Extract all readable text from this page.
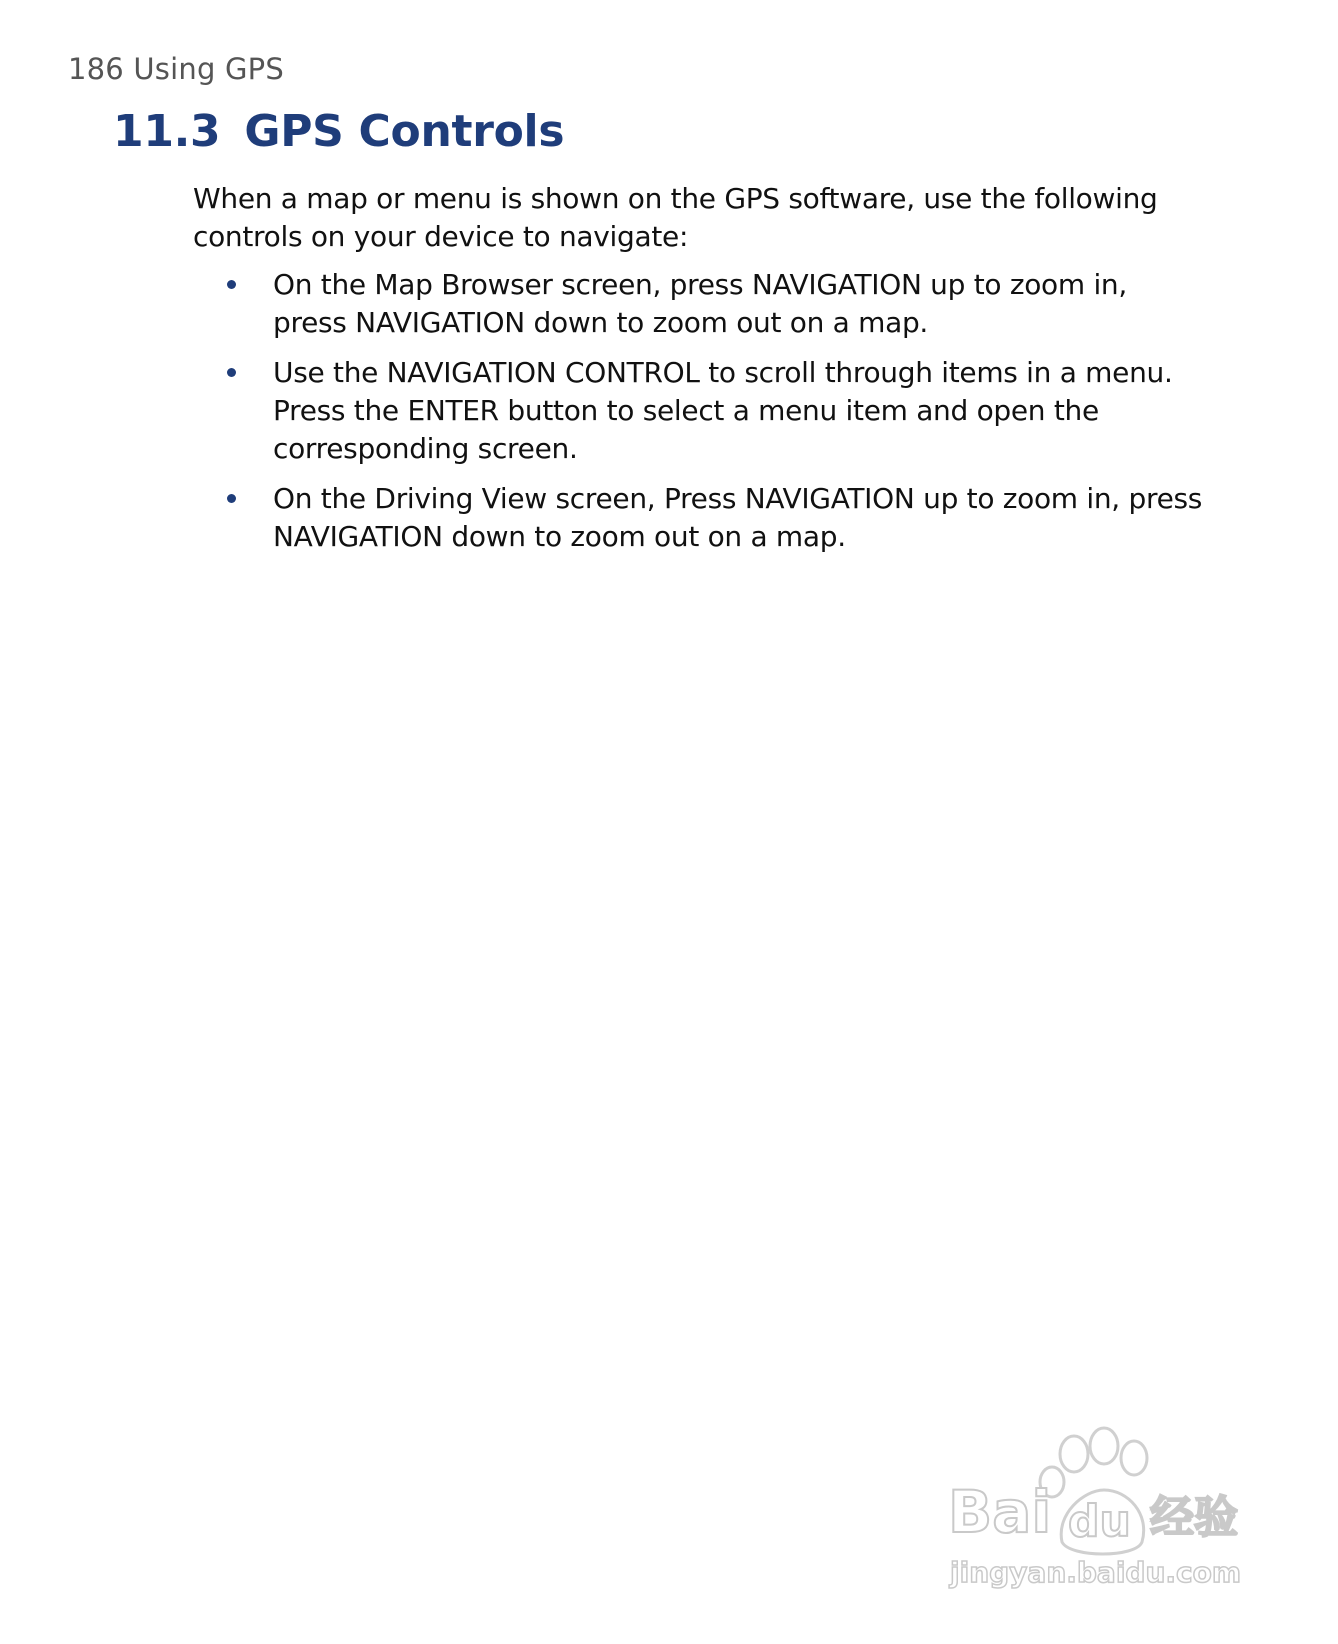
186 Using GPS
11.3 GPS Controls

When a map or menu is shown on the GPS software, use the following controls on your device to navigate:

On the Map Browser screen, press NAVIGATION up to zoom in, press NAVIGATION down to zoom out on a map.
Use the NAVIGATION CONTROL to scroll through items in a menu. Press the ENTER button to select a menu item and open the corresponding screen.
On the Driving View screen, Press NAVIGATION up to zoom in, press NAVIGATION down to zoom out on a map.
Bai du 经验
jingyan.baidu.com
